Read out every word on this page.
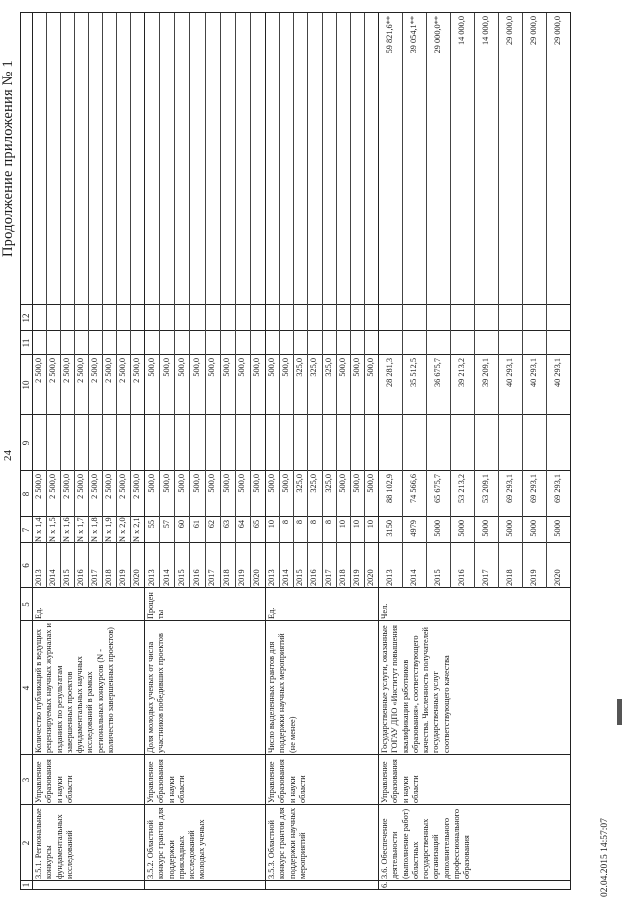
24
Продолжение приложения № 1
02.04.2015 14:57:07
1
2
3
4
5
6
7
8
9
10
11
12
3.5.1. Региональные конкурсы фундаментальных исследований
Управление образования и науки области
Количество публикаций в ведущих рецензируемых научных журналах и изданиях по результатам завершенных проектов фундаментальных научных исследований в рамках региональных конкурсов (N - количество завершенных проектов)
Ед.
2013
N x 1,4
2 500,0
2 500,0
2014
N x 1,5
2 500,0
2 500,0
2015
N x 1,6
2 500,0
2 500,0
2016
N x 1,7
2 500,0
2 500,0
2017
N x 1,8
2 500,0
2 500,0
2018
N x 1,9
2 500,0
2 500,0
2019
N x 2,0
2 500,0
2 500,0
2020
N x 2,1
2 500,0
2 500,0
3.5.2. Областной конкурс грантов для поддержки прикладных исследований молодых ученых
Управление образования и науки области
Доля молодых ученых от числа участников победивших проектов
Проценты
2013
55
500,0
500,0
2014
57
500,0
500,0
2015
60
500,0
500,0
2016
61
500,0
500,0
2017
62
500,0
500,0
2018
63
500,0
500,0
2019
64
500,0
500,0
2020
65
500,0
500,0
3.5.3. Областной конкурс грантов для поддержки научных мероприятий
Управление образования и науки области
Число выделенных грантов для поддержки научных мероприятий (не менее)
Ед.
2013
10
500,0
500,0
2014
8
500,0
500,0
2015
8
325,0
325,0
2016
8
325,0
325,0
2017
8
325,0
325,0
2018
10
500,0
500,0
2019
10
500,0
500,0
2020
10
500,0
500,0
6.
3.6. Обеспечение деятельности (выполнение работ) областных государственных организаций дополнительного профессионального образования
Управление образования и науки области
Государственные услуги, оказанные ГОГАУ ДПО «Институт повышения квалификации работников образования», соответствующего качества. Численность получателей государственных услуг соответствующего качества
Чел.
2013
3150
88 102,9
28 281,3
59 821,6**
2014
4979
74 566,6
35 512,5
39 054,1**
2015
5000
65 675,7
36 675,7
29 000,0**
2016
5000
53 213,2
39 213,2
14 000,0
2017
5000
53 209,1
39 209,1
14 000,0
2018
5000
69 293,1
40 293,1
29 000,0
2019
5000
69 293,1
40 293,1
29 000,0
2020
5000
69 293,1
40 293,1
29 000,0
